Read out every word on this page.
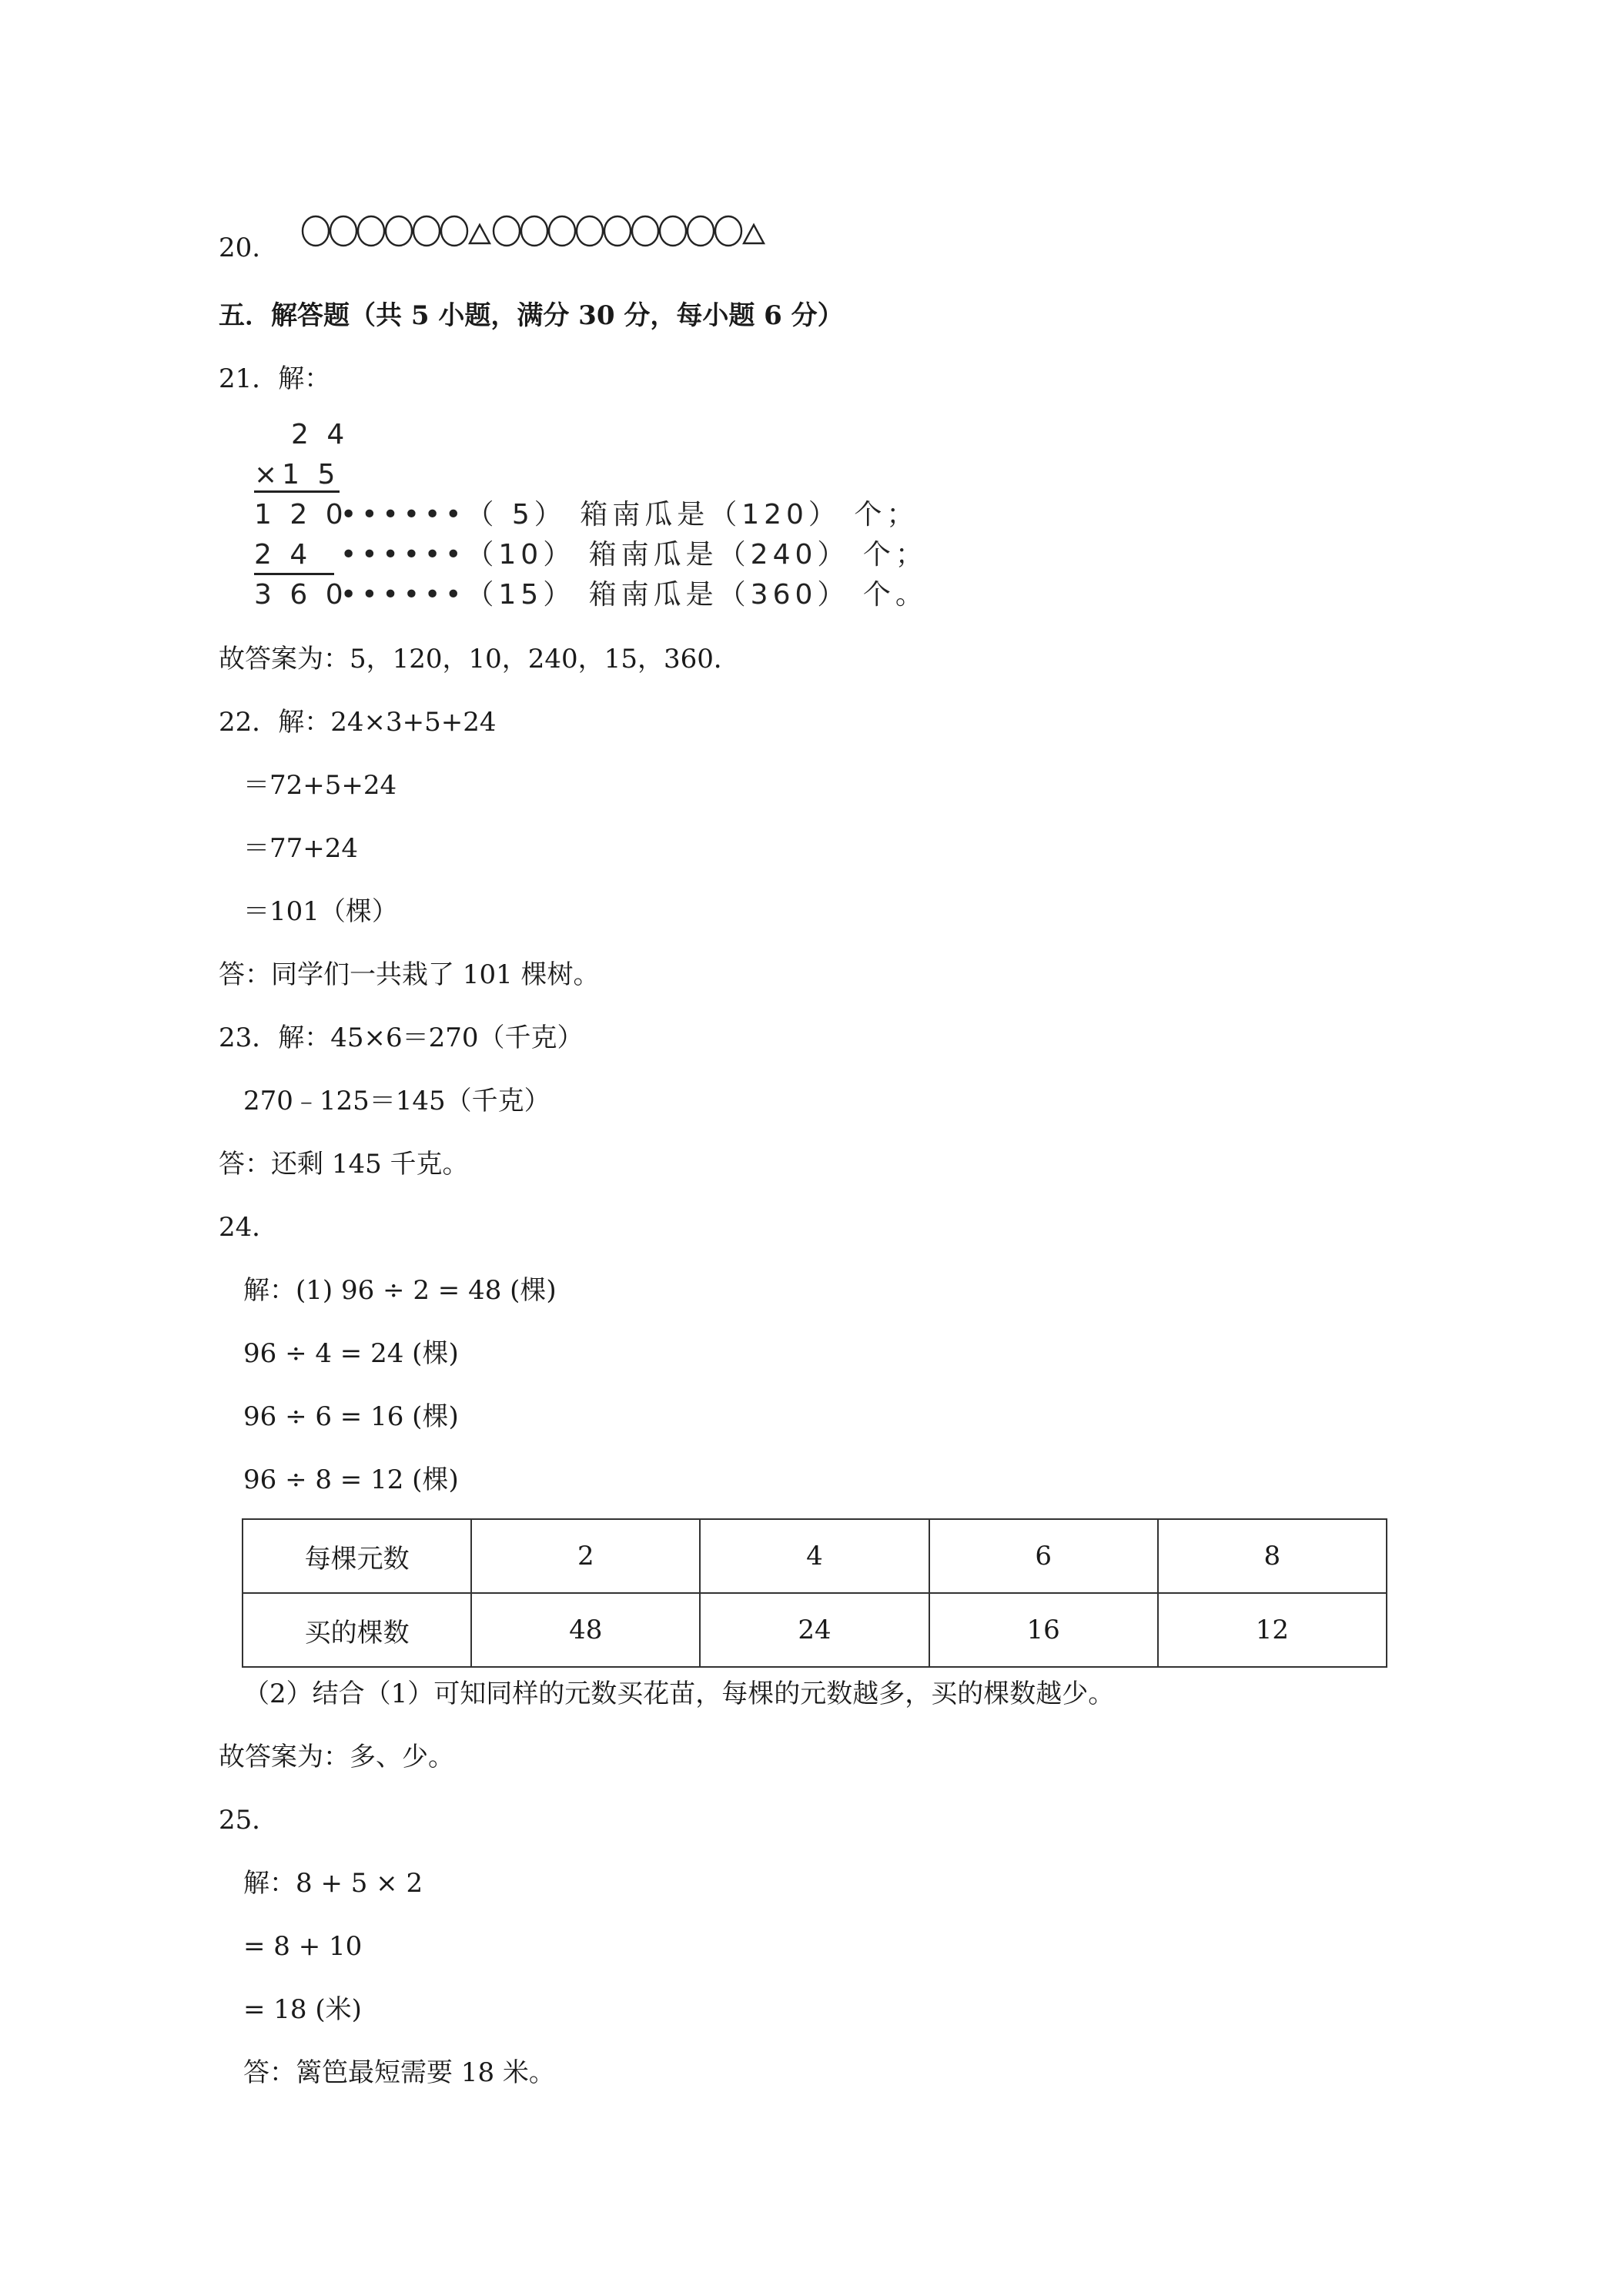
20.
五．解答题（共 5 小题，满分 30 分，每小题 6 分）
21．解：
2 4
×1 5
1 2 0••••••（ 5） 箱南瓜是（120） 个；
2 4 ••••••（10） 箱南瓜是（240） 个；
3 6 0••••••（15） 箱南瓜是（360） 个。
故答案为：5，120，10，240，15，360．
22．解：24×3+5+24
＝72+5+24
＝77+24
＝101（棵）
答：同学们一共栽了 101 棵树。
23．解：45×6＝270（千克）
270﹣125＝145（千克）
答：还剩 145 千克。
24．
解：(1) 96 ÷ 2 = 48 (棵)
96 ÷ 4 = 24 (棵)
96 ÷ 6 = 16 (棵)
96 ÷ 8 = 12 (棵)
每棵元数	2	4	6	8
买的棵数	48	24	16	12
（2）结合（1）可知同样的元数买花苗，每棵的元数越多，买的棵数越少。
故答案为：多、少。
25．
解：8 + 5 × 2
= 8 + 10
= 18 (米)
答：篱笆最短需要 18 米。
